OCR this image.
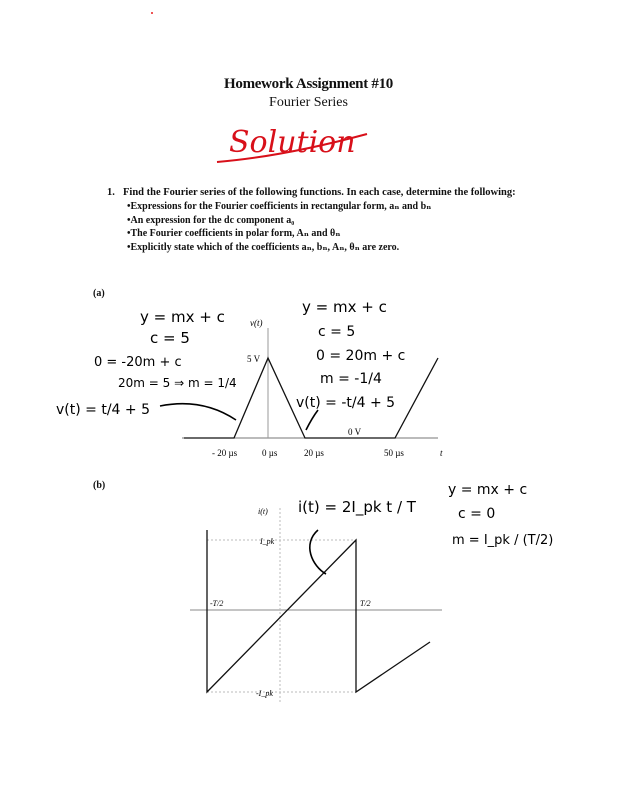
Homework Assignment #10
Fourier Series
Solution
1. Find the Fourier series of the following functions. In each case, determine the following:
• Expressions for the Fourier coefficients in rectangular form, aₙ and bₙ
• An expression for the dc component a₀
• The Fourier coefficients in polar form, Aₙ and θₙ
• Explicitly state which of the coefficients aₙ, bₙ, Aₙ, θₙ are zero.
(a)
v(t)
t
5 V
0 V
- 20 µs	0 µs	20 µs	50 µs
y = mx + c
c = 5
0 = -20m + c
20m = 5 ⇒ m = 1/4
v(t) = t/4 + 5
y = mx + c
c = 5
0 = 20m + c
m = -1/4
v(t) = -t/4 + 5
(b)
i(t)
I_pk
-I_pk
-T/2	T/2
i(t) = 2I_pk t / T
y = mx + c
c = 0
m = I_pk / (T/2)
